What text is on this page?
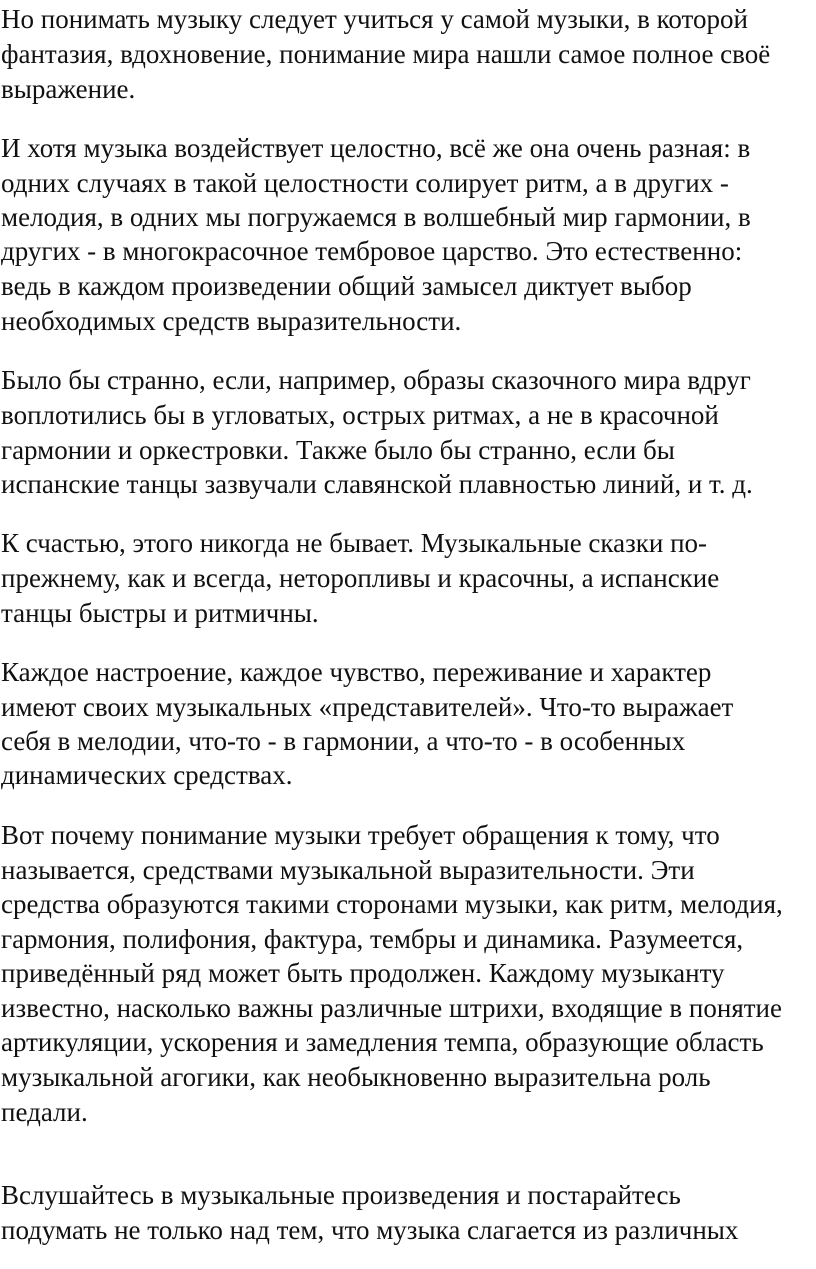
Но понимать музыку следует учиться у самой музыки, в которой
фантазия, вдохновение, понимание мира нашли самое полное своё
выражение.
И хотя музыка воздействует целостно, всё же она очень разная: в
одних случаях в такой целостности солирует ритм, а в других -
мелодия, в одних мы погружаемся в волшебный мир гармонии, в
других - в многокрасочное тембровое царство. Это естественно:
ведь в каждом произведении общий замысел диктует выбор
необходимых средств выразительности.
Было бы странно, если, например, образы сказочного мира вдруг
воплотились бы в угловатых, острых ритмах, а не в красочной
гармонии и оркестровки. Также было бы странно, если бы
испанские танцы зазвучали славянской плавностью линий, и т. д.
К счастью, этого никогда не бывает. Музыкальные сказки по-
прежнему, как и всегда, неторопливы и красочны, а испанские
танцы быстры и ритмичны.
Каждое настроение, каждое чувство, переживание и характер
имеют своих музыкальных «представителей». Что-то выражает
себя в мелодии, что-то - в гармонии, а что-то - в особенных
динамических средствах.
Вот почему понимание музыки требует обращения к тому, что
называется, средствами музыкальной выразительности. Эти
средства образуются такими сторонами музыки, как ритм, мелодия,
гармония, полифония, фактура, тембры и динамика. Разумеется,
приведённый ряд может быть продолжен. Каждому музыканту
известно, насколько важны различные штрихи, входящие в понятие
артикуляции, ускорения и замедления темпа, образующие область
музыкальной агогики, как необыкновенно выразительна роль
педали.
Вслушайтесь в музыкальные произведения и постарайтесь
подумать не только над тем, что музыка слагается из различных
